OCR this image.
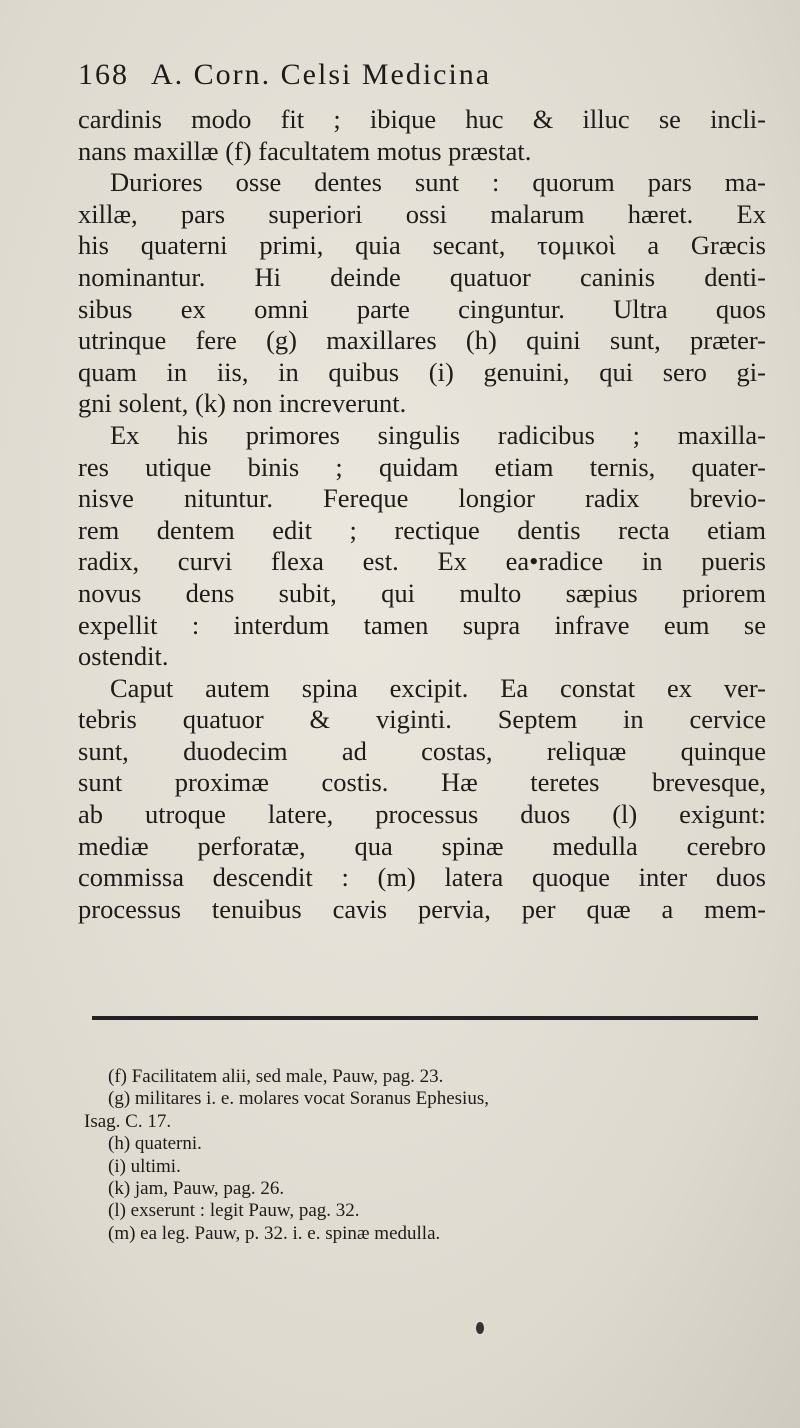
168 A. Corn. Celsi Medicina
cardinis modo fit ; ibique huc & illuc se incli-
nans maxillæ (f) facultatem motus præstat.
Duriores osse dentes sunt : quorum pars ma-
xillæ, pars superiori ossi malarum hæret. Ex
his quaterni primi, quia secant, τομικοὶ a Græcis
nominantur. Hi deinde quatuor caninis denti-
sibus ex omni parte cinguntur. Ultra quos
utrinque fere (g) maxillares (h) quini sunt, præter-
quam in iis, in quibus (i) genuini, qui sero gi-
gni solent, (k) non increverunt.
Ex his primores singulis radicibus ; maxilla-
res utique binis ; quidam etiam ternis, quater-
nisve nituntur. Fereque longior radix brevio-
rem dentem edit ; rectique dentis recta etiam
radix, curvi flexa est. Ex ea•radice in pueris
novus dens subit, qui multo sæpius priorem
expellit : interdum tamen supra infrave eum se
ostendit.
Caput autem spina excipit. Ea constat ex ver-
tebris quatuor & viginti. Septem in cervice
sunt, duodecim ad costas, reliquæ quinque
sunt proximæ costis. Hæ teretes brevesque,
ab utroque latere, processus duos (l) exigunt:
mediæ perforatæ, qua spinæ medulla cerebro
commissa descendit : (m) latera quoque inter duos
processus tenuibus cavis pervia, per quæ a mem-
(f) Facilitatem alii, sed male, Pauw, pag. 23.
(g) militares i. e. molares vocat Soranus Ephesius,
Isag. C. 17.
(h) quaterni.
(i) ultimi.
(k) jam, Pauw, pag. 26.
(l) exserunt : legit Pauw, pag. 32.
(m) ea leg. Pauw, p. 32. i. e. spinæ medulla.
